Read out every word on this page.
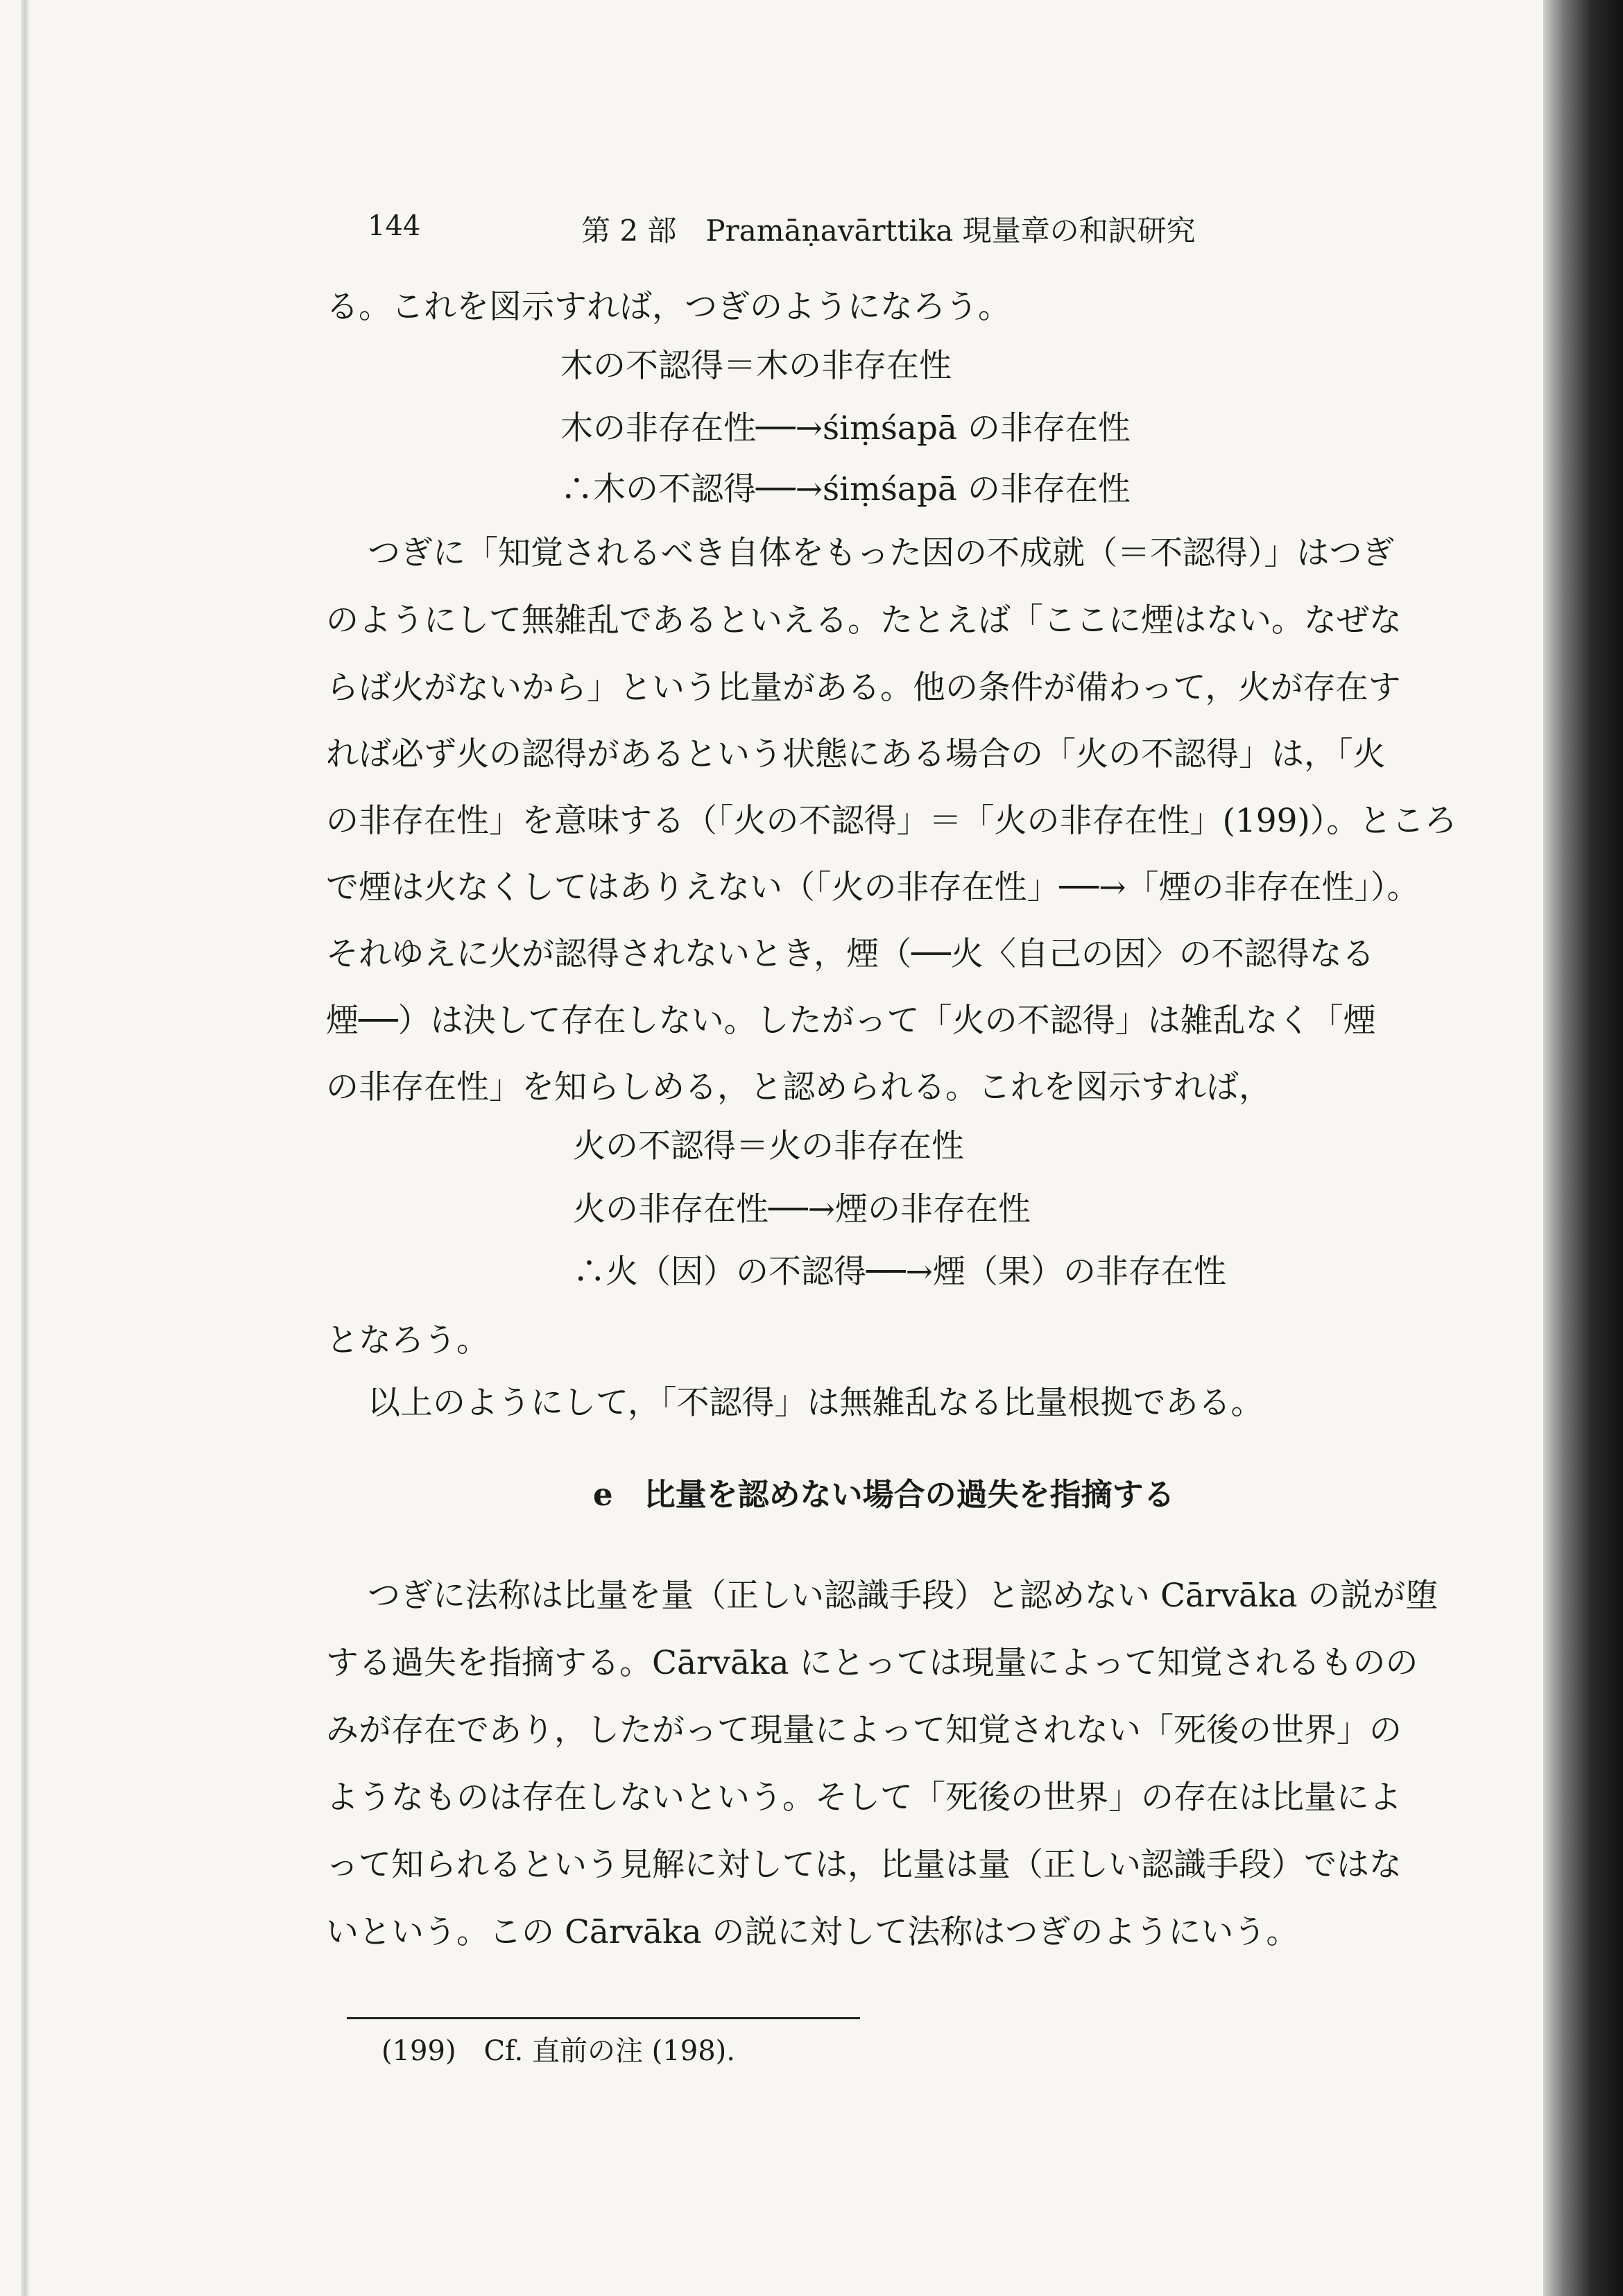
144	第 2 部　Pramāṇavārttika 現量章の和訳研究
る。これを図示すれば，つぎのようになろう。
木の不認得＝木の非存在性
木の非存在性──→śiṃśapā の非存在性
∴木の不認得──→śiṃśapā の非存在性
つぎに「知覚されるべき自体をもった因の不成就（＝不認得）」はつぎ
のようにして無雑乱であるといえる。たとえば「ここに煙はない。なぜな
らば火がないから」という比量がある。他の条件が備わって，火が存在す
れば必ず火の認得があるという状態にある場合の「火の不認得」は，「火
の非存在性」を意味する（「火の不認得」＝「火の非存在性」(199)）。ところ
で煙は火なくしてはありえない（「火の非存在性」──→「煙の非存在性」）。
それゆえに火が認得されないとき，煙（──火〈自己の因〉の不認得なる
煙──）は決して存在しない。したがって「火の不認得」は雑乱なく「煙
の非存在性」を知らしめる，と認められる。これを図示すれば，
火の不認得＝火の非存在性
火の非存在性──→煙の非存在性
∴火（因）の不認得──→煙（果）の非存在性
となろう。
以上のようにして，「不認得」は無雑乱なる比量根拠である。
e　比量を認めない場合の過失を指摘する
つぎに法称は比量を量（正しい認識手段）と認めない Cārvāka の説が堕
する過失を指摘する。Cārvāka にとっては現量によって知覚されるものの
みが存在であり，したがって現量によって知覚されない「死後の世界」の
ようなものは存在しないという。そして「死後の世界」の存在は比量によ
って知られるという見解に対しては，比量は量（正しい認識手段）ではな
いという。この Cārvāka の説に対して法称はつぎのようにいう。
(199)　Cf. 直前の注 (198).
